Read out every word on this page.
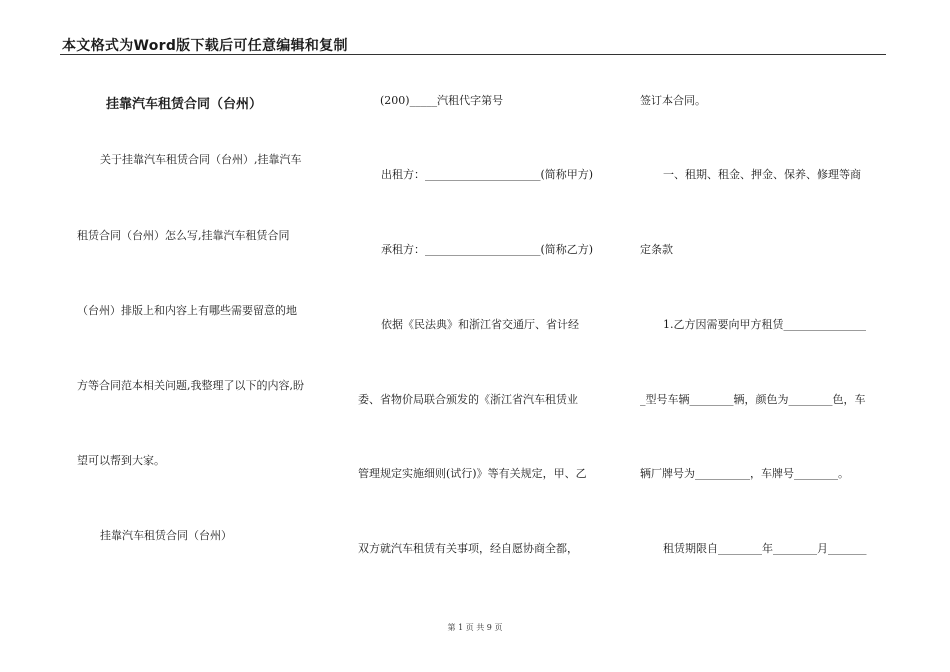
本文格式为Word版下载后可任意编辑和复制
挂靠汽车租赁合同（台州）
关于挂靠汽车租赁合同（台州）,挂靠汽车
租赁合同（台州）怎么写,挂靠汽车租赁合同
（台州）排版上和内容上有哪些需要留意的地
方等合同范本相关问题,我整理了以下的内容,盼
望可以帮到大家。
挂靠汽车租赁合同（台州）
(200)_____汽租代字第号
出租方：_____________________(简称甲方)
承租方：_____________________(简称乙方)
依据《民法典》和浙江省交通厅、省计经
委、省物价局联合颁发的《浙江省汽车租赁业
管理规定实施细则(试行)》等有关规定，甲、乙
双方就汽车租赁有关事项，经自愿协商全都，
签订本合同。
一、租期、租金、押金、保养、修理等商
定条款
1.乙方因需要向甲方租赁_______________
_型号车辆________辆，颜色为________色，车
辆厂牌号为__________，车牌号________。
租赁期限自________年________月_______
第 1 页 共 9 页
